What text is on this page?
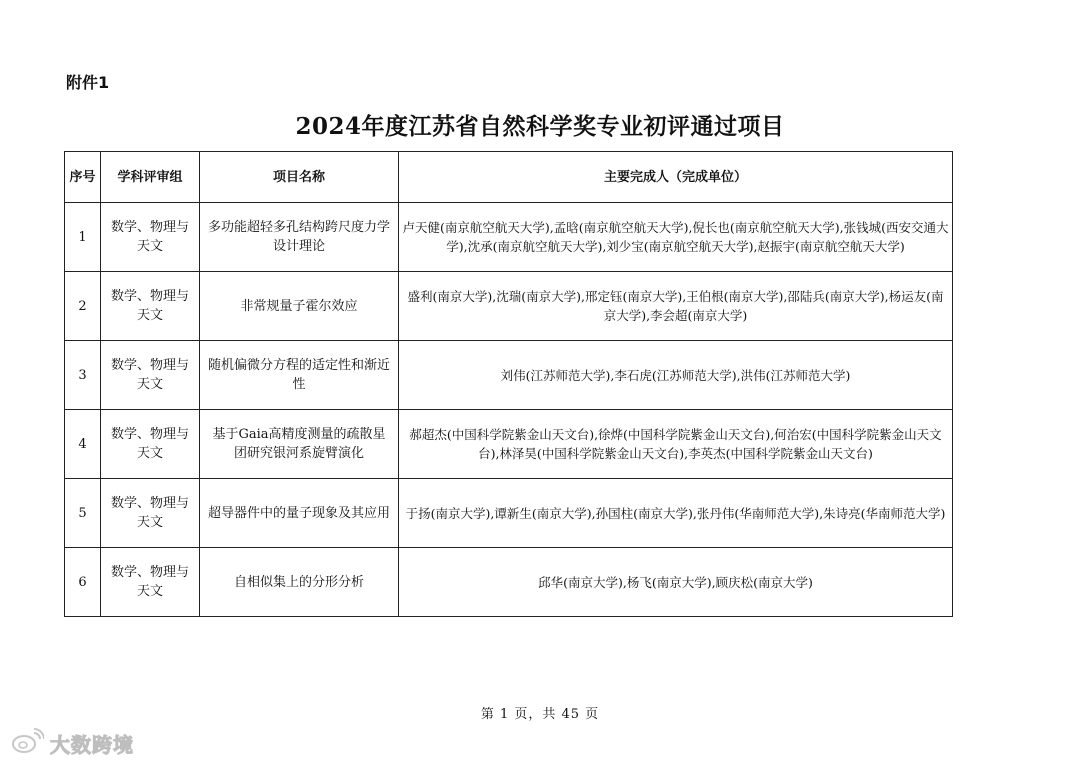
附件1
2024年度江苏省自然科学奖专业初评通过项目
序号	学科评审组	项目名称	主要完成人（完成单位）
1	数学、物理与天文	多功能超轻多孔结构跨尺度力学设计理论	卢天健(南京航空航天大学),孟晗(南京航空航天大学),倪长也(南京航空航天大学),张钱城(西安交通大学),沈承(南京航空航天大学),刘少宝(南京航空航天大学),赵振宇(南京航空航天大学)
2	数学、物理与天文	非常规量子霍尔效应	盛利(南京大学),沈瑞(南京大学),邢定钰(南京大学),王伯根(南京大学),邵陆兵(南京大学),杨运友(南京大学),李会超(南京大学)
3	数学、物理与天文	随机偏微分方程的适定性和渐近性	刘伟(江苏师范大学),李石虎(江苏师范大学),洪伟(江苏师范大学)
4	数学、物理与天文	基于Gaia高精度测量的疏散星团研究银河系旋臂演化	郝超杰(中国科学院紫金山天文台),徐烨(中国科学院紫金山天文台),何治宏(中国科学院紫金山天文台),林泽昊(中国科学院紫金山天文台),李英杰(中国科学院紫金山天文台)
5	数学、物理与天文	超导器件中的量子现象及其应用	于扬(南京大学),谭新生(南京大学),孙国柱(南京大学),张丹伟(华南师范大学),朱诗亮(华南师范大学)
6	数学、物理与天文	自相似集上的分形分析	邱华(南京大学),杨飞(南京大学),顾庆松(南京大学)
第 1 页，共 45 页
大数跨境
